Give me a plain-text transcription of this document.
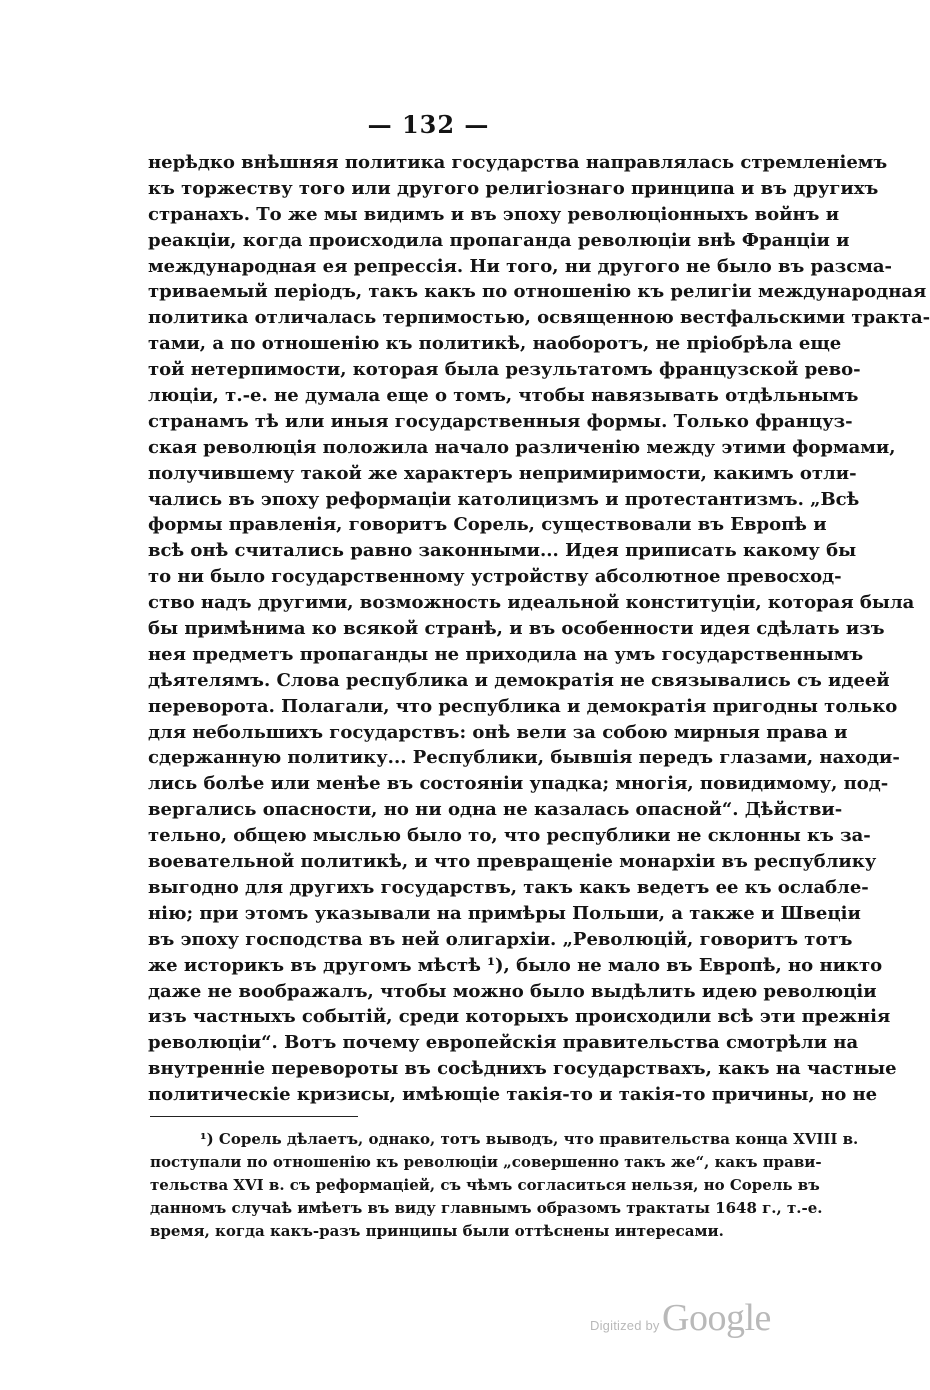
— 132 —
нерѣдко внѣшняя политика государства направлялась стремленіемъ
къ торжеству того или другого религіознаго принципа и въ другихъ
странахъ. То же мы видимъ и въ эпоху революціонныхъ войнъ и
реакціи, когда происходила пропаганда революціи внѣ Франціи и
международная ея репрессія. Ни того, ни другого не было въ разсма-
триваемый періодъ, такъ какъ по отношенію къ религіи международная
политика отличалась терпимостью, освященною вестфальскими тракта-
тами, а по отношенію къ политикѣ, наоборотъ, не пріобрѣла еще
той нетерпимости, которая была результатомъ французской рево-
люціи, т.-е. не думала еще о томъ, чтобы навязывать отдѣльнымъ
странамъ тѣ или иныя государственныя формы. Только француз-
ская революція положила начало различенію между этими формами,
получившему такой же характеръ непримиримости, какимъ отли-
чались въ эпоху реформаціи католицизмъ и протестантизмъ. „Всѣ
формы правленія, говоритъ Сорель, существовали въ Европѣ и
всѣ онѣ считались равно законными... Идея приписать какому бы
то ни было государственному устройству абсолютное превосход-
ство надъ другими, возможность идеальной конституціи, которая была
бы примѣнима ко всякой странѣ, и въ особенности идея сдѣлать изъ
нея предметъ пропаганды не приходила на умъ государственнымъ
дѣятелямъ. Слова республика и демократія не связывались съ идеей
переворота. Полагали, что республика и демократія пригодны только
для небольшихъ государствъ: онѣ вели за собою мирныя права и
сдержанную политику... Республики, бывшія передъ глазами, находи-
лись болѣе или менѣе въ состояніи упадка; многія, повидимому, под-
вергались опасности, но ни одна не казалась опасной“. Дѣйстви-
тельно, общею мыслью было то, что республики не склонны къ за-
воевательной политикѣ, и что превращеніе монархіи въ республику
выгодно для другихъ государствъ, такъ какъ ведетъ ее къ ослабле-
нію; при этомъ указывали на примѣры Польши, а также и Швеціи
въ эпоху господства въ ней олигархіи. „Революцій, говоритъ тотъ
же историкъ въ другомъ мѣстѣ ¹), было не мало въ Европѣ, но никто
даже не воображалъ, чтобы можно было выдѣлить идею революціи
изъ частныхъ событій, среди которыхъ происходили всѣ эти прежнія
революціи“. Вотъ почему европейскія правительства смотрѣли на
внутренніе перевороты въ сосѣднихъ государствахъ, какъ на частные
политическіе кризисы, имѣющіе такія-то и такія-то причины, но не
¹) Сорель дѣлаетъ, однако, тотъ выводъ, что правительства конца XVIII в.
поступали по отношенію къ революціи „совершенно такъ же“, какъ прави-
тельства XVI в. съ реформаціей, съ чѣмъ согласиться нельзя, но Сорель въ
данномъ случаѣ имѣетъ въ виду главнымъ образомъ трактаты 1648 г., т.-е.
время, когда какъ-разъ принципы были оттѣснены интересами.
Digitized by Google
